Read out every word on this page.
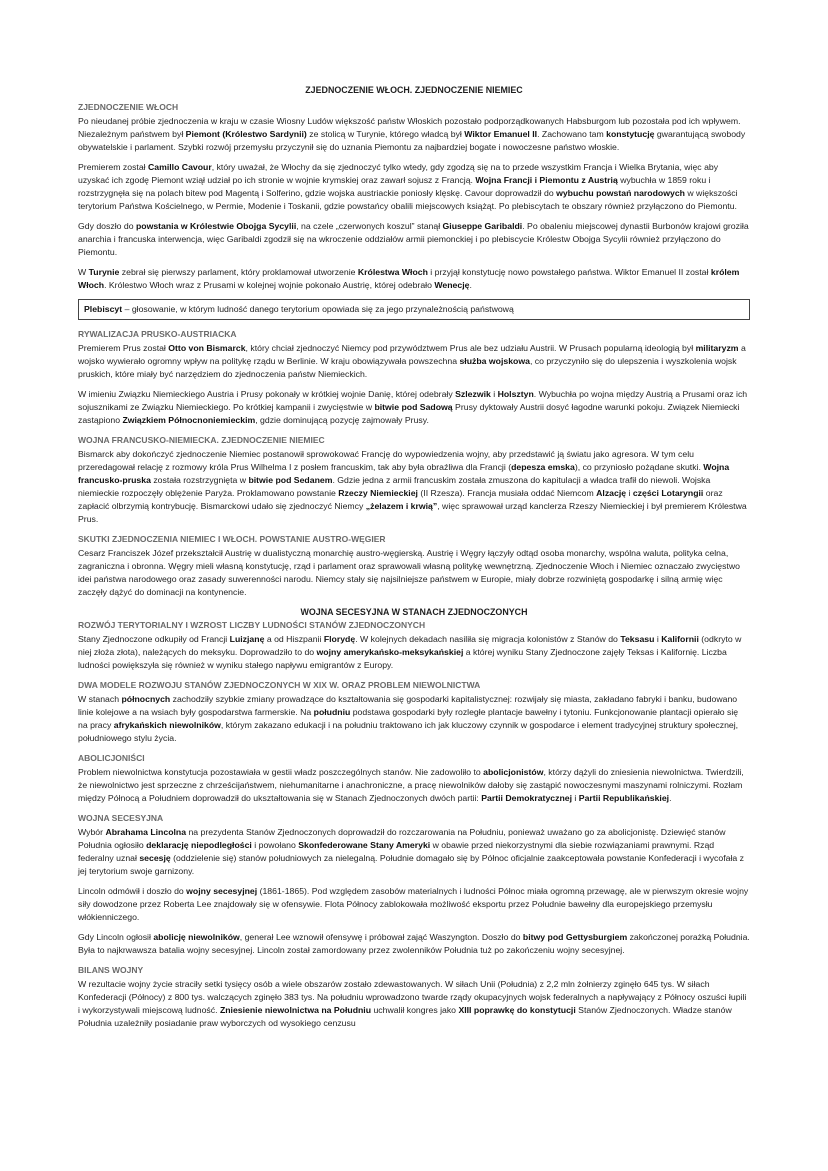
ZJEDNOCZENIE WŁOCH. ZJEDNOCZENIE NIEMIEC
ZJEDNOCZENIE WŁOCH

Po nieudanej próbie zjednoczenia w kraju w czasie Wiosny Ludów większość państw Włoskich pozostało podporządkowanych Habsburgom lub pozostała pod ich wpływem. Niezależnym państwem był Piemont (Królestwo Sardynii) ze stolicą w Turynie, którego władcą był Wiktor Emanuel II. Zachowano tam konstytucję gwarantującą swobody obywatelskie i parlament. Szybki rozwój przemysłu przyczynił się do uznania Piemontu za najbardziej bogate i nowoczesne państwo włoskie.

Premierem został Camillo Cavour, który uważał, że Włochy da się zjednoczyć tylko wtedy, gdy zgodzą się na to przede wszystkim Francja i Wielka Brytania, więc aby uzyskać ich zgodę Piemont wziął udział po ich stronie w wojnie krymskiej oraz zawarł sojusz z Francją. Wojna Francji i Piemontu z Austrią wybuchła w 1859 roku i rozstrzygnęła się na polach bitew pod Magentą i Solferino, gdzie wojska austriackie poniosły klęskę. Cavour doprowadził do wybuchu powstań narodowych w większości terytorium Państwa Kościelnego, w Permie, Modenie i Toskanii, gdzie powstańcy obalili miejscowych książąt. Po plebiscytach te obszary również przyłączono do Piemontu.

Gdy doszło do powstania w Królestwie Obojga Sycylii, na czele „czerwonych koszul” stanął Giuseppe Garibaldi. Po obaleniu miejscowej dynastii Burbonów krajowi groziła anarchia i francuska interwencja, więc Garibaldi zgodził się na wkroczenie oddziałów armii piemonckiej i po plebiscycie Królestw Obojga Sycylii również przyłączono do Piemontu.

W Turynie zebrał się pierwszy parlament, który proklamował utworzenie Królestwa Włoch i przyjął konstytucję nowo powstałego państwa. Wiktor Emanuel II został królem Włoch. Królestwo Włoch wraz z Prusami w kolejnej wojnie pokonało Austrię, której odebrało Wenecję.

Plebiscyt – głosowanie, w którym ludność danego terytorium opowiada się za jego przynależnością państwową
RYWALIZACJA PRUSKO-AUSTRIACKA

Premierem Prus został Otto von Bismarck, który chciał zjednoczyć Niemcy pod przywództwem Prus ale bez udziału Austrii. W Prusach popularną ideologią był militaryzm a wojsko wywierało ogromny wpływ na politykę rządu w Berlinie. W kraju obowiązywała powszechna służba wojskowa, co przyczyniło się do ulepszenia i wyszkolenia wojsk pruskich, które miały być narzędziem do zjednoczenia państw Niemieckich.

W imieniu Związku Niemieckiego Austria i Prusy pokonały w krótkiej wojnie Danię, której odebrały Szlezwik i Holsztyn. Wybuchła po wojna między Austrią a Prusami oraz ich sojusznikami ze Związku Niemieckiego. Po krótkiej kampanii i zwycięstwie w bitwie pod Sadową Prusy dyktowały Austrii dosyć łagodne warunki pokoju. Związek Niemiecki zastąpiono Związkiem Północnoniemieckim, gdzie dominującą pozycję zajmowały Prusy.

WOJNA FRANCUSKO-NIEMIECKA. ZJEDNOCZENIE NIEMIEC

Bismarck aby dokończyć zjednoczenie Niemiec postanowił sprowokować Francję do wypowiedzenia wojny, aby przedstawić ją światu jako agresora. W tym celu przeredagował relację z rozmowy króla Prus Wilhelma I z posłem francuskim, tak aby była obraźliwa dla Francji (depesza emska), co przyniosło pożądane skutki. Wojna francusko-pruska została rozstrzygnięta w bitwie pod Sedanem. Gdzie jedna z armii francuskim została zmuszona do kapitulacji a władca trafił do niewoli. Wojska niemieckie rozpoczęły oblężenie Paryża. Proklamowano powstanie Rzeczy Niemieckiej (II Rzesza). Francja musiała oddać Niemcom Alzację i części Lotaryngii oraz zapłacić olbrzymią kontrybucję. Bismarckowi udało się zjednoczyć Niemcy „żelazem i krwią”, więc sprawował urząd kanclerza Rzeszy Niemieckiej i był premierem Królestwa Prus.

SKUTKI ZJEDNOCZENIA NIEMIEC I WŁOCH. POWSTANIE AUSTRO-WĘGIER

Cesarz Franciszek Józef przekształcił Austrię w dualistyczną monarchię austro-węgierską. Austrię i Węgry łączyły odtąd osoba monarchy, wspólna waluta, polityka celna, zagraniczna i obronna. Węgry mieli własną konstytucję, rząd i parlament oraz sprawowali własną politykę wewnętrzną. Zjednoczenie Włoch i Niemiec oznaczało zwycięstwo idei państwa narodowego oraz zasady suwerenności narodu. Niemcy stały się najsilniejsze państwem w Europie, miały dobrze rozwiniętą gospodarkę i silną armię więc zaczęły dążyć do dominacji na kontynencie.

WOJNA SECESYJNA W STANACH ZJEDNOCZONYCH
ROZWÓJ TERYTORIALNY I WZROST LICZBY LUDNOŚCI STANÓW ZJEDNOCZONYCH

Stany Zjednoczone odkupiły od Francji Luizjanę a od Hiszpanii Florydę. W kolejnych dekadach nasiliła się migracja kolonistów z Stanów do Teksasu i Kalifornii (odkryto w niej złoża złota), należących do meksyku. Doprowadziło to do wojny amerykańsko-meksykańskiej a której wyniku Stany Zjednoczone zajęły Teksas i Kalifornię. Liczba ludności powiększyła się również w wyniku stałego napływu emigrantów z Europy.

DWA MODELE ROZWOJU STANÓW ZJEDNOCZONYCH W XIX W. ORAZ PROBLEM NIEWOLNICTWA

W stanach północnych zachodziły szybkie zmiany prowadzące do kształtowania się gospodarki kapitalistycznej: rozwijały się miasta, zakładano fabryki i banku, budowano linie kolejowe a na wsiach były gospodarstwa farmerskie. Na południu podstawa gospodarki były rozległe plantacje bawełny i tytoniu. Funkcjonowanie plantacji opierało się na pracy afrykańskich niewolników, którym zakazano edukacji i na południu traktowano ich jak kluczowy czynnik w gospodarce i element tradycyjnej struktury społecznej, południowego stylu życia.

ABOLICJONIŚCI

Problem niewolnictwa konstytucja pozostawiała w gestii władz poszczególnych stanów. Nie zadowoliło to abolicjonistów, którzy dążyli do zniesienia niewolnictwa. Twierdzili, że niewolnictwo jest sprzeczne z chrześcijaństwem, niehumanitarne i anachroniczne, a pracę niewolników dałoby się zastąpić nowoczesnymi maszynami rolniczymi. Rozłam między Północą a Południem doprowadził do ukształtowania się w Stanach Zjednoczonych dwóch partii: Partii Demokratycznej i Partii Republikańskiej.

WOJNA SECESYJNA

Wybór Abrahama Lincolna na prezydenta Stanów Zjednoczonych doprowadził do rozczarowania na Południu, ponieważ uważano go za abolicjonistę. Dziewięć stanów Południa ogłosiło deklarację niepodległości i powołano Skonfederowane Stany Ameryki w obawie przed niekorzystnymi dla siebie rozwiązaniami prawnymi. Rząd federalny uznał secesję (oddzielenie się) stanów południowych za nielegalną. Południe domagało się by Północ oficjalnie zaakceptowała powstanie Konfederacji i wycofała z jej terytorium swoje garnizony.

Lincoln odmówił i doszło do wojny secesyjnej (1861-1865). Pod względem zasobów materialnych i ludności Północ miała ogromną przewagę, ale w pierwszym okresie wojny siły dowodzone przez Roberta Lee znajdowały się w ofensywie. Flota Północy zablokowała możliwość eksportu przez Południe bawełny dla europejskiego przemysłu włókienniczego.

Gdy Lincoln ogłosił abolicję niewolników, generał Lee wznowił ofensywę i próbował zająć Waszyngton. Doszło do bitwy pod Gettysburgiem zakończonej porażką Południa. Była to najkrwawsza batalia wojny secesyjnej. Lincoln został zamordowany przez zwolenników Południa tuż po zakończeniu wojny secesyjnej.

BILANS WOJNY

W rezultacie wojny życie straciły setki tysięcy osób a wiele obszarów zostało zdewastowanych. W siłach Unii (Południa) z 2,2 mln żołnierzy zginęło 645 tys. W siłach Konfederacji (Północy) z 800 tys. walczących zginęło 383 tys. Na południu wprowadzono twarde rządy okupacyjnych wojsk federalnych a napływający z Północy oszuści łupili i wykorzystywali miejscową ludność. Zniesienie niewolnictwa na Południu uchwalił kongres jako XIII poprawkę do konstytucji Stanów Zjednoczonych. Władze stanów Południa uzależniły posiadanie praw wyborczych od wysokiego cenzusu
